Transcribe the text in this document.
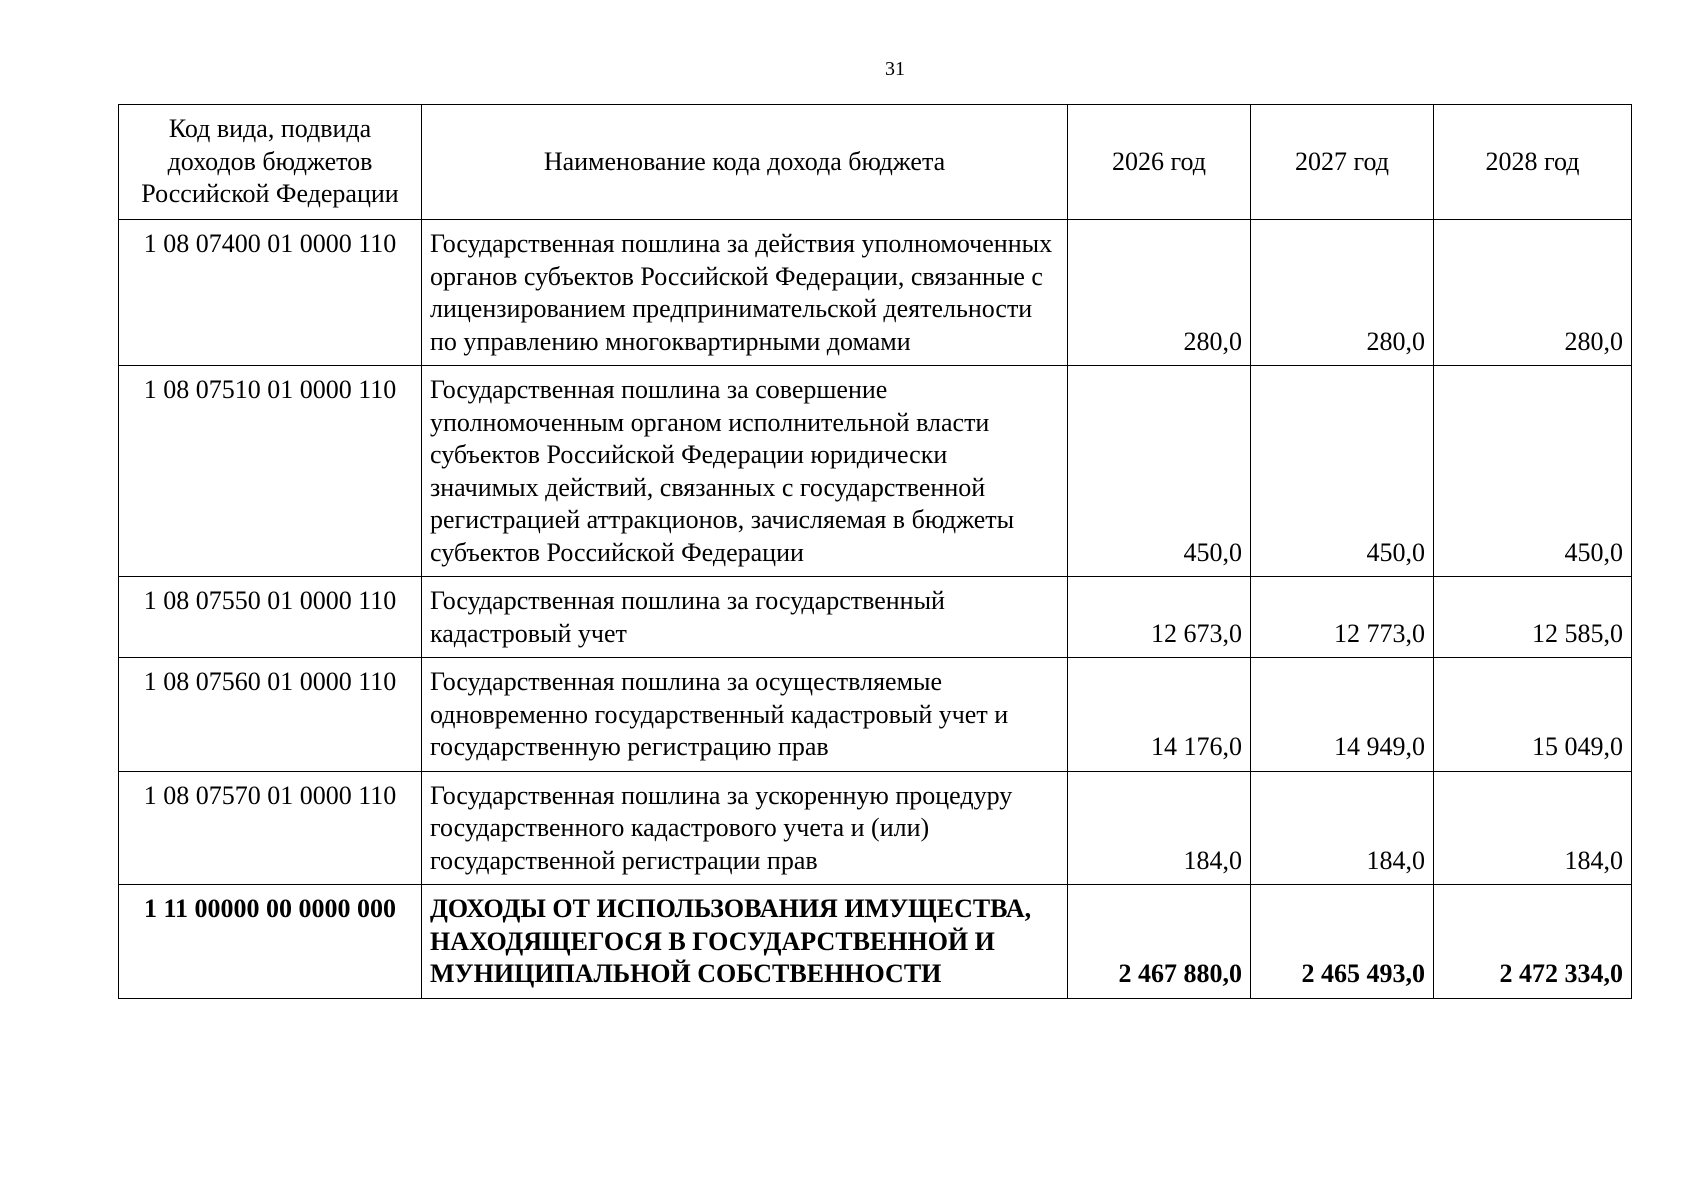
31
Код вида, подвида доходов бюджетов Российской Федерации	Наименование кода дохода бюджета	2026 год	2027 год	2028 год
1 08 07400 01 0000 110	Государственная пошлина за действия уполномоченных органов субъектов Российской Федерации, связанные с лицензированием предпринимательской деятельности по управлению многоквартирными домами	280,0	280,0	280,0
1 08 07510 01 0000 110	Государственная пошлина за совершение уполномоченным органом исполнительной власти субъектов Российской Федерации юридически значимых действий, связанных с государственной регистрацией аттракционов, зачисляемая в бюджеты субъектов Российской Федерации	450,0	450,0	450,0
1 08 07550 01 0000 110	Государственная пошлина за государственный кадастровый учет	12 673,0	12 773,0	12 585,0
1 08 07560 01 0000 110	Государственная пошлина за осуществляемые одновременно государственный кадастровый учет и государственную регистрацию прав	14 176,0	14 949,0	15 049,0
1 08 07570 01 0000 110	Государственная пошлина за ускоренную процедуру государственного кадастрового учета и (или) государственной регистрации прав	184,0	184,0	184,0
1 11 00000 00 0000 000	ДОХОДЫ ОТ ИСПОЛЬЗОВАНИЯ ИМУЩЕСТВА, НАХОДЯЩЕГОСЯ В ГОСУДАРСТВЕННОЙ И МУНИЦИПАЛЬНОЙ СОБСТВЕННОСТИ	2 467 880,0	2 465 493,0	2 472 334,0
